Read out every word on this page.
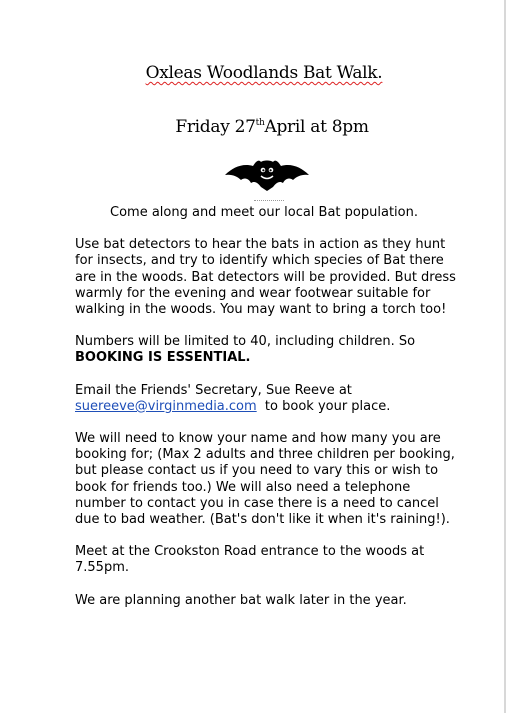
Oxleas Woodlands Bat Walk.
Friday 27thApril at 8pm

Come along and meet our local Bat population.

Use bat detectors to hear the bats in action as they hunt for insects, and try to identify which species of Bat there are in the woods. Bat detectors will be provided. But dress warmly for the evening and wear footwear suitable for walking in the woods. You may want to bring a torch too!

Numbers will be limited to 40, including children. So
BOOKING IS ESSENTIAL.

Email the Friends' Secretary, Sue Reeve at
suereeve@virginmedia.com  to book your place.

We will need to know your name and how many you are booking for; (Max 2 adults and three children per booking, but please contact us if you need to vary this or wish to book for friends too.) We will also need a telephone number to contact you in case there is a need to cancel due to bad weather. (Bat's don't like it when it's raining!).

Meet at the Crookston Road entrance to the woods at 7.55pm.

We are planning another bat walk later in the year.
